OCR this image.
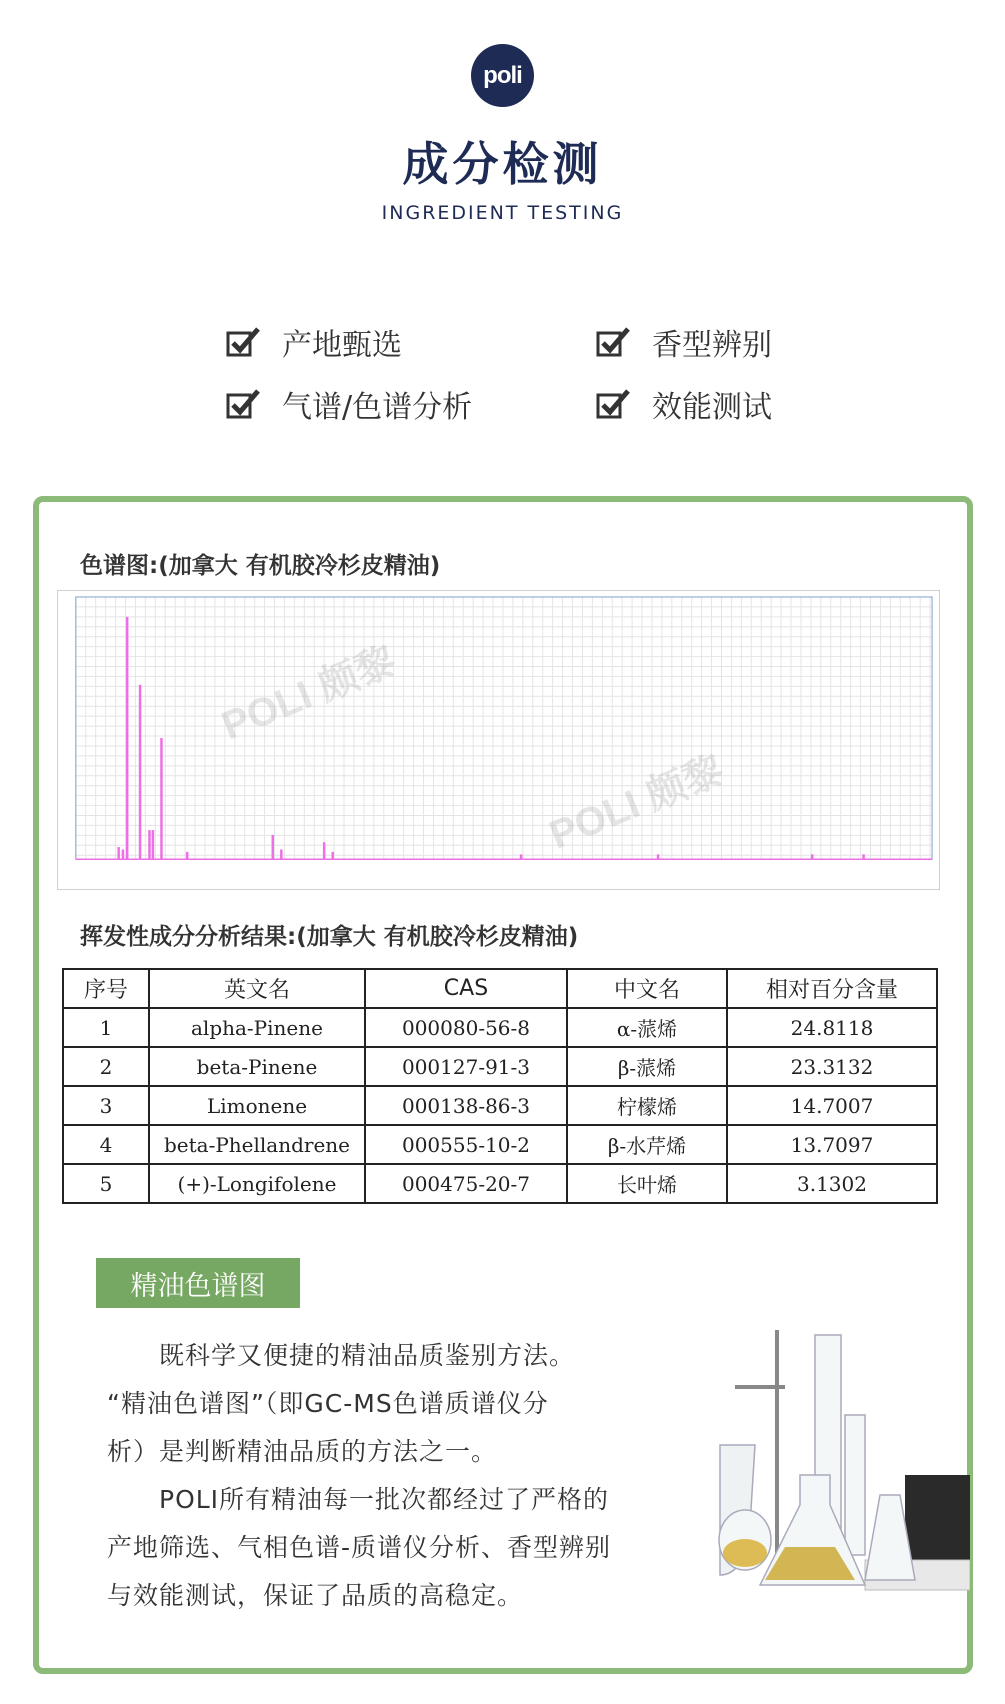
poli
成分检测
INGREDIENT TESTING
产地甄选	香型辨别
气谱/色谱分析	效能测试
色谱图:(加拿大 有机胶冷杉皮精油)
POLI 颇黎
POLI 颇黎
挥发性成分分析结果:(加拿大 有机胶冷杉皮精油)
序号	英文名	CAS	中文名	相对百分含量
1	alpha-Pinene	000080-56-8	α-蒎烯	24.8118
2	beta-Pinene	000127-91-3	β-蒎烯	23.3132
3	Limonene	000138-86-3	柠檬烯	14.7007
4	beta-Phellandrene	000555-10-2	β-水芹烯	13.7097
5	(+)-Longifolene	000475-20-7	长叶烯	3.1302
精油色谱图
　　既科学又便捷的精油品质鉴别方法。
“精油色谱图”（即GC-MS色谱质谱仪分
析）是判断精油品质的方法之一。
　　POLI所有精油每一批次都经过了严格的
产地筛选、气相色谱-质谱仪分析、香型辨别
与效能测试，保证了品质的高稳定。
